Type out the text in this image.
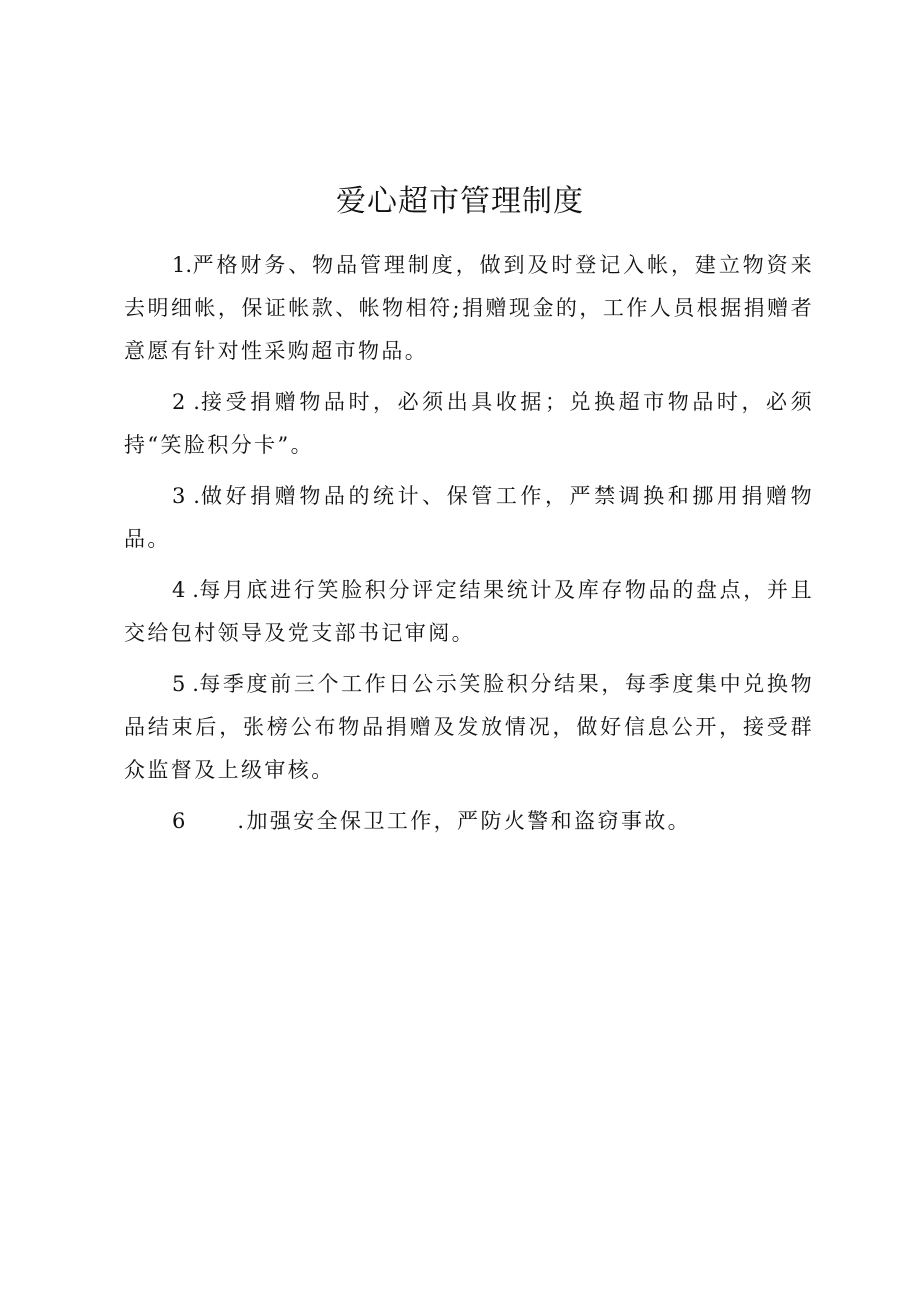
爱心超市管理制度

1.严格财务、物品管理制度，做到及时登记入帐，建立物资来去明细帐，保证帐款、帐物相符;捐赠现金的，工作人员根据捐赠者意愿有针对性采购超市物品。

2 .接受捐赠物品时，必须出具收据；兑换超市物品时，必须持“笑脸积分卡”。

3 .做好捐赠物品的统计、保管工作，严禁调换和挪用捐赠物品。

4 .每月底进行笑脸积分评定结果统计及库存物品的盘点，并且交给包村领导及党支部书记审阅。

5 .每季度前三个工作日公示笑脸积分结果，每季度集中兑换物品结束后，张榜公布物品捐赠及发放情况，做好信息公开，接受群众监督及上级审核。

6 .加强安全保卫工作，严防火警和盗窃事故。
